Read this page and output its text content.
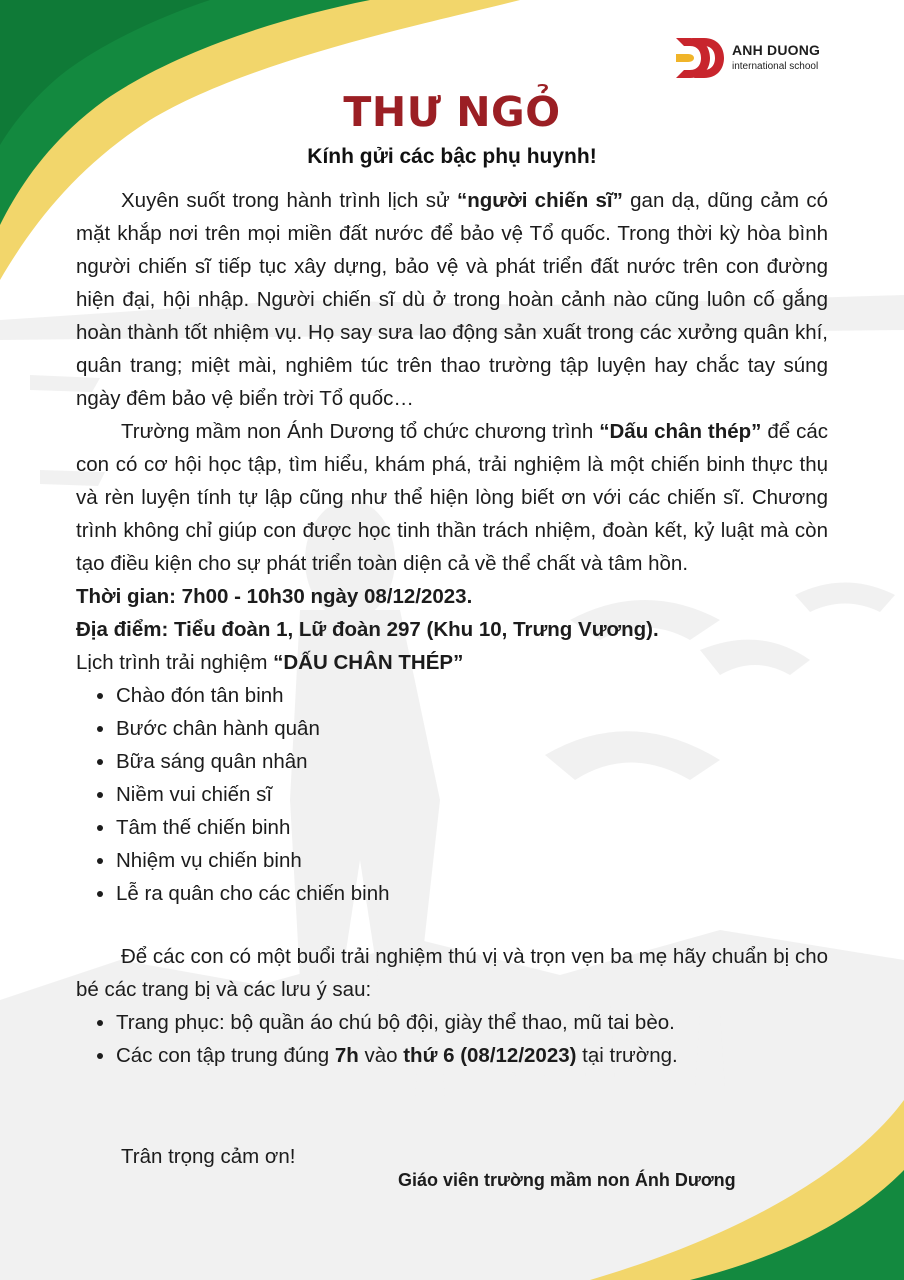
ANH DUONG
international school
THƯ NGỎ
Kính gửi các bậc phụ huynh!

Xuyên suốt trong hành trình lịch sử “người chiến sĩ” gan dạ, dũng cảm có mặt khắp nơi trên mọi miền đất nước để bảo vệ Tổ quốc. Trong thời kỳ hòa bình người chiến sĩ tiếp tục xây dựng, bảo vệ và phát triển đất nước trên con đường hiện đại, hội nhập. Người chiến sĩ dù ở trong hoàn cảnh nào cũng luôn cố gắng hoàn thành tốt nhiệm vụ. Họ say sưa lao động sản xuất trong các xưởng quân khí, quân trang; miệt mài, nghiêm túc trên thao trường tập luyện hay chắc tay súng ngày đêm bảo vệ biển trời Tổ quốc…

Trường mầm non Ánh Dương tổ chức chương trình “Dấu chân thép” để các con có cơ hội học tập, tìm hiểu, khám phá, trải nghiệm là một chiến binh thực thụ và rèn luyện tính tự lập cũng như thể hiện lòng biết ơn với các chiến sĩ. Chương trình không chỉ giúp con được học tinh thần trách nhiệm, đoàn kết, kỷ luật mà còn tạo điều kiện cho sự phát triển toàn diện cả về thể chất và tâm hồn.

Thời gian: 7h00 - 10h30 ngày 08/12/2023.
Địa điểm: Tiểu đoàn 1, Lữ đoàn 297 (Khu 10, Trưng Vương).
Lịch trình trải nghiệm “DẤU CHÂN THÉP”
• Chào đón tân binh
• Bước chân hành quân
• Bữa sáng quân nhân
• Niềm vui chiến sĩ
• Tâm thế chiến binh
• Nhiệm vụ chiến binh
• Lễ ra quân cho các chiến binh

Để các con có một buổi trải nghiệm thú vị và trọn vẹn ba mẹ hãy chuẩn bị cho bé các trang bị và các lưu ý sau:

• Trang phục: bộ quần áo chú bộ đội, giày thể thao, mũ tai bèo.
• Các con tập trung đúng 7h vào thứ 6 (08/12/2023) tại trường.
Trân trọng cảm ơn!
Giáo viên trường mầm non Ánh Dương
